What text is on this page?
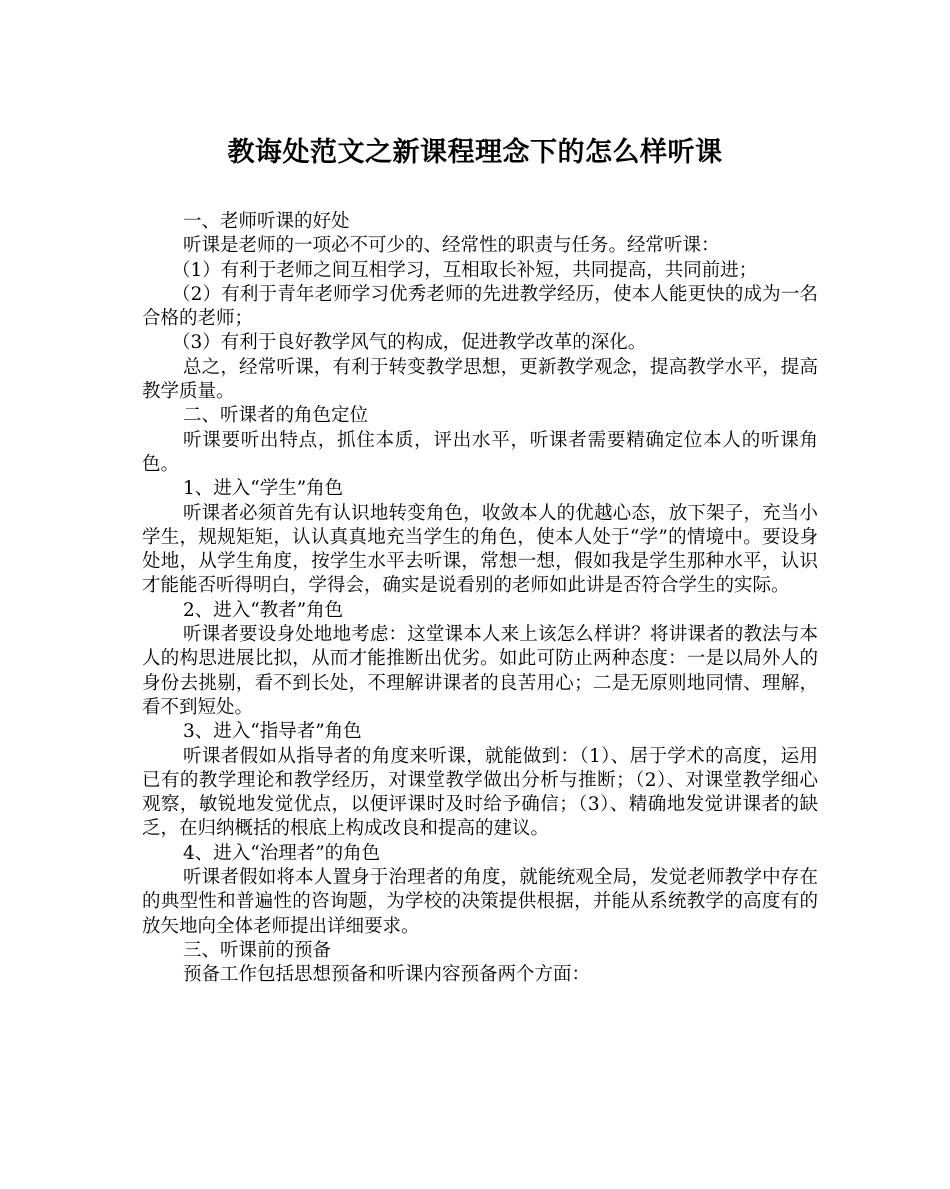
教诲处范文之新课程理念下的怎么样听课

一、老师听课的好处

听课是老师的一项必不可少的、经常性的职责与任务。经常听课：

（1）有利于老师之间互相学习，互相取长补短，共同提高，共同前进；

（2）有利于青年老师学习优秀老师的先进教学经历，使本人能更快的成为一名合格的老师；

（3）有利于良好教学风气的构成，促进教学改革的深化。

总之，经常听课，有利于转变教学思想，更新教学观念，提高教学水平，提高教学质量。

二、听课者的角色定位

听课要听出特点，抓住本质，评出水平，听课者需要精确定位本人的听课角色。

1、进入“学生”角色

听课者必须首先有认识地转变角色，收敛本人的优越心态，放下架子，充当小学生，规规矩矩，认认真真地充当学生的角色，使本人处于“学”的情境中。要设身处地，从学生角度，按学生水平去听课，常想一想，假如我是学生那种水平，认识才能能否听得明白，学得会，确实是说看别的老师如此讲是否符合学生的实际。

2、进入“教者”角色

听课者要设身处地地考虑：这堂课本人来上该怎么样讲？将讲课者的教法与本人的构思进展比拟，从而才能推断出优劣。如此可防止两种态度：一是以局外人的身份去挑剔，看不到长处，不理解讲课者的良苦用心；二是无原则地同情、理解，看不到短处。

3、进入“指导者”角色

听课者假如从指导者的角度来听课，就能做到：（1）、居于学术的高度，运用已有的教学理论和教学经历，对课堂教学做出分析与推断；（2）、对课堂教学细心观察，敏锐地发觉优点，以便评课时及时给予确信；（3）、精确地发觉讲课者的缺乏，在归纳概括的根底上构成改良和提高的建议。

4、进入“治理者”的角色

听课者假如将本人置身于治理者的角度，就能统观全局，发觉老师教学中存在的典型性和普遍性的咨询题，为学校的决策提供根据，并能从系统教学的高度有的放矢地向全体老师提出详细要求。

三、听课前的预备

预备工作包括思想预备和听课内容预备两个方面：
